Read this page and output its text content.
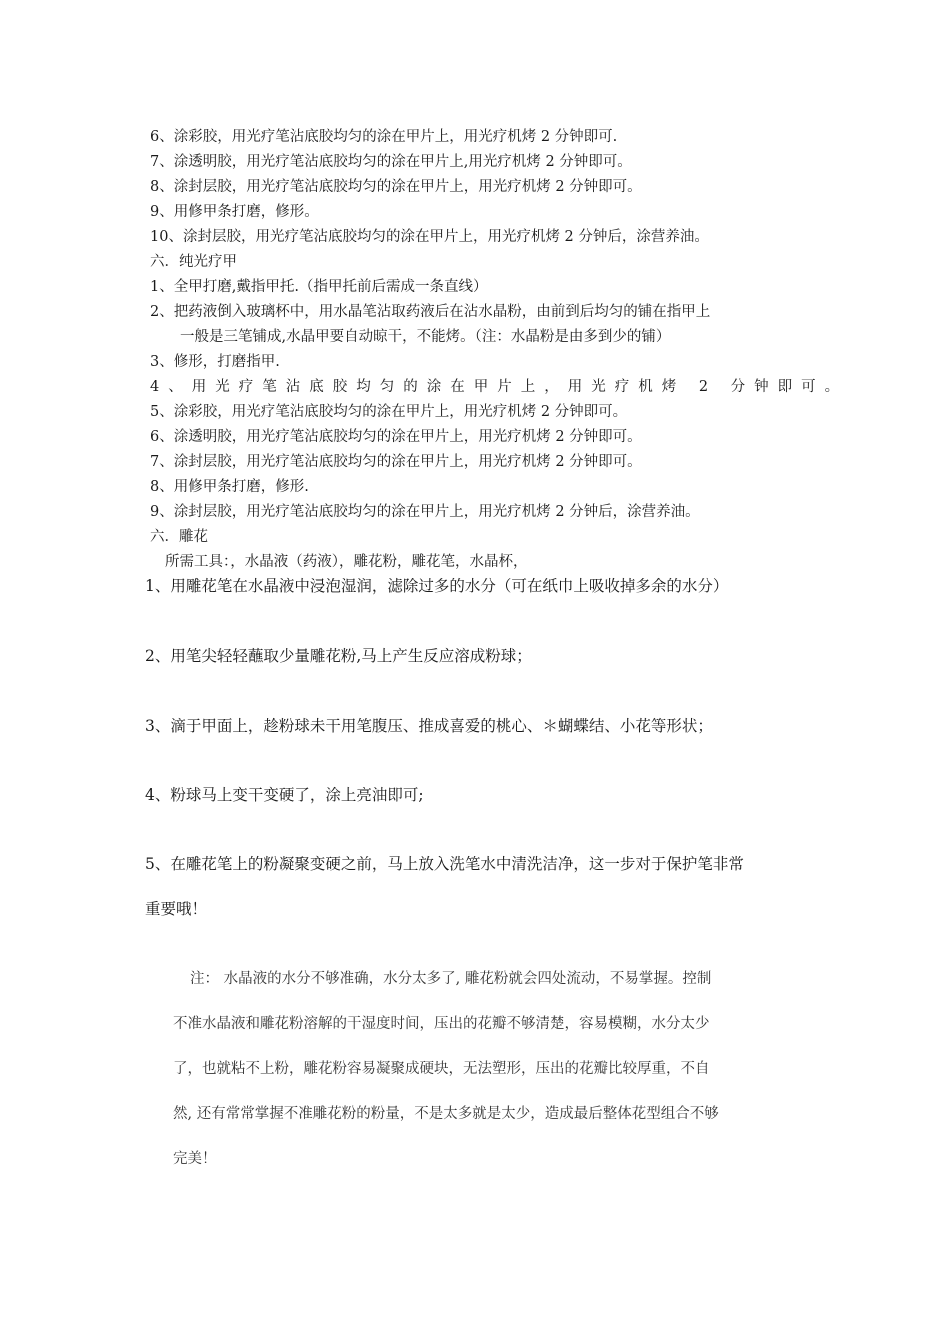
6、涂彩胶，用光疗笔沾底胶均匀的涂在甲片上，用光疗机烤 2 分钟即可.
7、涂透明胶，用光疗笔沾底胶均匀的涂在甲片上,用光疗机烤 2 分钟即可。
8、涂封层胶，用光疗笔沾底胶均匀的涂在甲片上，用光疗机烤 2 分钟即可。
9、用修甲条打磨，修形。
10、涂封层胶，用光疗笔沾底胶均匀的涂在甲片上，用光疗机烤 2 分钟后，涂营养油。
六．纯光疗甲
1、全甲打磨,戴指甲托.（指甲托前后需成一条直线）
2、把药液倒入玻璃杯中，用水晶笔沾取药液后在沾水晶粉，由前到后均匀的铺在指甲上
一般是三笔铺成,水晶甲要自动晾干，不能烤。（注：水晶粉是由多到少的铺）
3、修形，打磨指甲.
4、用光疗笔沾底胶均匀的涂在甲片上，用光疗机烤 2 分钟即可。
5、涂彩胶，用光疗笔沾底胶均匀的涂在甲片上，用光疗机烤 2 分钟即可。
6、涂透明胶，用光疗笔沾底胶均匀的涂在甲片上，用光疗机烤 2 分钟即可。
7、涂封层胶，用光疗笔沾底胶均匀的涂在甲片上，用光疗机烤 2 分钟即可。
8、用修甲条打磨，修形.
9、涂封层胶，用光疗笔沾底胶均匀的涂在甲片上，用光疗机烤 2 分钟后，涂营养油。
六．雕花
所需工具：，水晶液（药液），雕花粉，雕花笔，水晶杯，
1、用雕花笔在水晶液中浸泡湿润，滤除过多的水分（可在纸巾上吸收掉多余的水分）
2、用笔尖轻轻蘸取少量雕花粉,马上产生反应溶成粉球；
3、滴于甲面上，趁粉球未干用笔腹压、推成喜爱的桃心、＊蝴蝶结、小花等形状；
4、粉球马上变干变硬了，涂上亮油即可;
5、在雕花笔上的粉凝聚变硬之前，马上放入洗笔水中清洗洁净，这一步对于保护笔非常
重要哦！
注： 水晶液的水分不够准确，水分太多了, 雕花粉就会四处流动，不易掌握。控制
不准水晶液和雕花粉溶解的干湿度时间，压出的花瓣不够清楚，容易模糊，水分太少
了，也就粘不上粉，雕花粉容易凝聚成硬块，无法塑形，压出的花瓣比较厚重，不自
然, 还有常常掌握不准雕花粉的粉量，不是太多就是太少，造成最后整体花型组合不够
完美！
